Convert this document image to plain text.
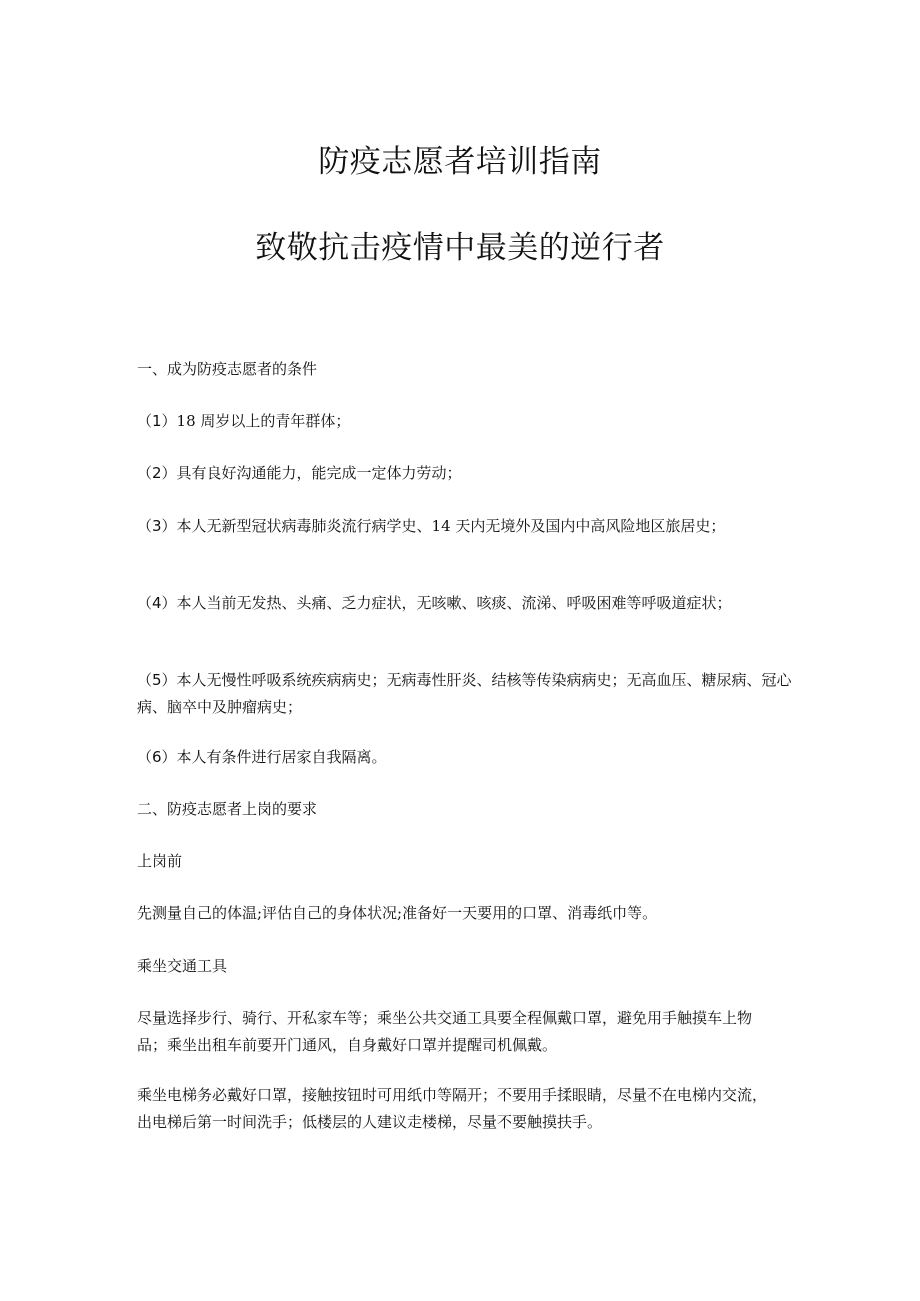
防疫志愿者培训指南
致敬抗击疫情中最美的逆行者

一、成为防疫志愿者的条件

（1）18 周岁以上的青年群体；

（2）具有良好沟通能力，能完成一定体力劳动；

（3）本人无新型冠状病毒肺炎流行病学史、14 天内无境外及国内中高风险地区旅居史；

（4）本人当前无发热、头痛、乏力症状，无咳嗽、咳痰、流涕、呼吸困难等呼吸道症状；

（5）本人无慢性呼吸系统疾病病史；无病毒性肝炎、结核等传染病病史；无高血压、糖尿病、冠心病、脑卒中及肿瘤病史；

（6）本人有条件进行居家自我隔离。

二、防疫志愿者上岗的要求

上岗前

先测量自己的体温;评估自己的身体状况;准备好一天要用的口罩、消毒纸巾等。

乘坐交通工具

尽量选择步行、骑行、开私家车等；乘坐公共交通工具要全程佩戴口罩，避免用手触摸车上物品；乘坐出租车前要开门通风，自身戴好口罩并提醒司机佩戴。

乘坐电梯务必戴好口罩，接触按钮时可用纸巾等隔开；不要用手揉眼睛，尽量不在电梯内交流，出电梯后第一时间洗手；低楼层的人建议走楼梯，尽量不要触摸扶手。
